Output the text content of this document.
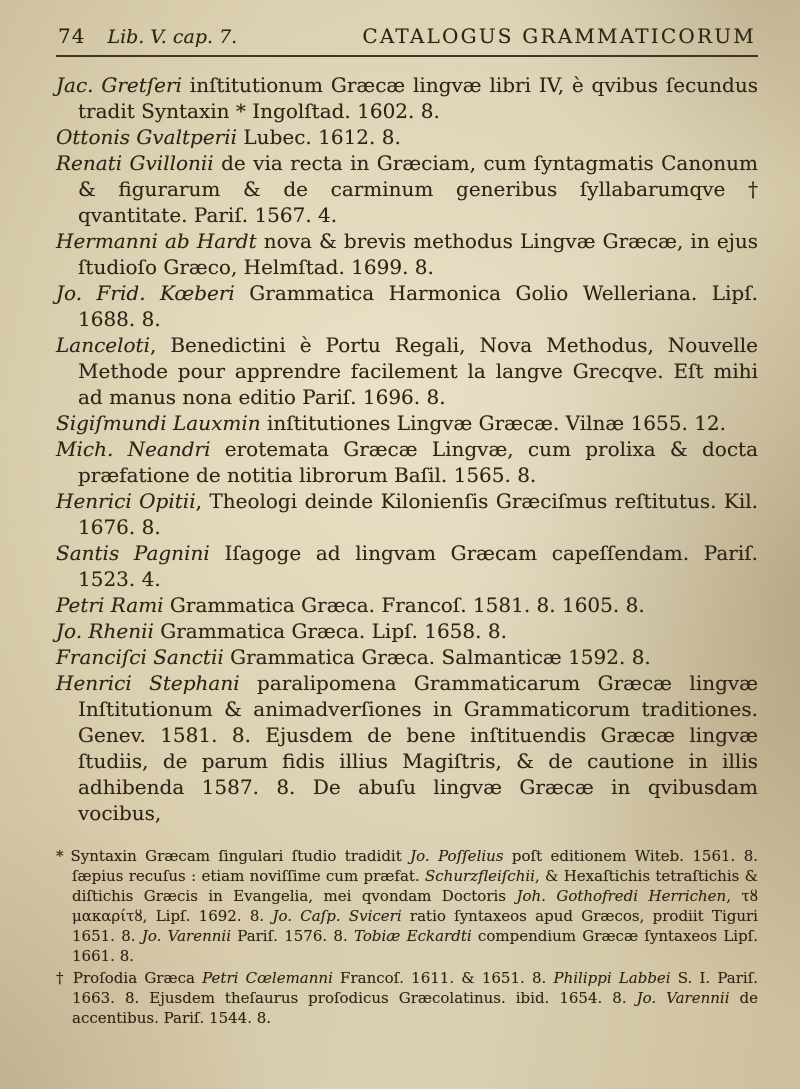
74 Lib. V. cap. 7.	CATALOGUS GRAMMATICORUM

Jac. Gretſeri inſtitutionum Græcæ lingvæ libri IV, è qvibus ſecundus tradit Syntaxin * Ingolſtad. 1602. 8.

Ottonis Gvaltperii Lubec. 1612. 8.

Renati Gvillonii de via recta in Græciam, cum ſyntagmatis Canonum & figurarum & de carminum generibus ſyllabarumqve † qvantitate. Pariſ. 1567. 4.

Hermanni ab Hardt nova & brevis methodus Lingvæ Græcæ, in ejus ſtudioſo Græco, Helmſtad. 1699. 8.

Jo. Frid. Kœberi Grammatica Harmonica Golio Welleriana. Lipſ. 1688. 8.

Lanceloti, Benedictini è Portu Regali, Nova Methodus, Nouvelle Methode pour apprendre facilement la langve Grecqve. Eſt mihi ad manus nona editio Pariſ. 1696. 8.

Sigiſmundi Lauxmin inſtitutiones Lingvæ Græcæ. Vilnæ 1655. 12.

Mich. Neandri erotemata Græcæ Lingvæ, cum prolixa & docta præfatione de notitia librorum Baſil. 1565. 8.

Henrici Opitii, Theologi deinde Kilonienſis Græciſmus reſtitutus. Kil. 1676. 8.

Santis Pagnini Iſagoge ad lingvam Græcam capeſſendam. Pariſ. 1523. 4.

Petri Rami Grammatica Græca. Francoſ. 1581. 8. 1605. 8.

Jo. Rhenii Grammatica Græca. Lipſ. 1658. 8.

Franciſci Sanctii Grammatica Græca. Salmanticæ 1592. 8.

Henrici Stephani paralipomena Grammaticarum Græcæ lingvæ Inſtitutionum & animadverſiones in Grammaticorum traditiones. Genev. 1581. 8. Ejusdem de bene inſtituendis Græcæ lingvæ ſtudiis, de parum fidis illius Magiſtris, & de cautione in illis adhibenda 1587. 8. De abuſu lingvæ Græcæ in qvibusdam vocibus,

* Syntaxin Græcam ſingulari ſtudio tradidit Jo. Poſſelius poſt editionem Witeb. 1561. 8. ſæpius recuſus : etiam noviſſime cum præfat. Schurzfleiſchii, & Hexaſtichis tetraſtichis & diſtichis Græcis in Evangelia, mei qvondam Doctoris Joh. Gothofredi Herrichen, τȣ μακαρίτȣ, Lipſ. 1692. 8. Jo. Caſp. Sviceri ratio ſyntaxeos apud Græcos, prodiit Tiguri 1651. 8. Jo. Varennii Pariſ. 1576. 8. Tobiæ Eckardti compendium Græcæ ſyntaxeos Lipſ. 1661. 8.

† Proſodia Græca Petri Cœlemanni Francoſ. 1611. & 1651. 8. Philippi Labbei S. I. Pariſ. 1663. 8. Ejusdem theſaurus proſodicus Græcolatinus. ibid. 1654. 8. Jo. Varennii de accentibus. Pariſ. 1544. 8.
